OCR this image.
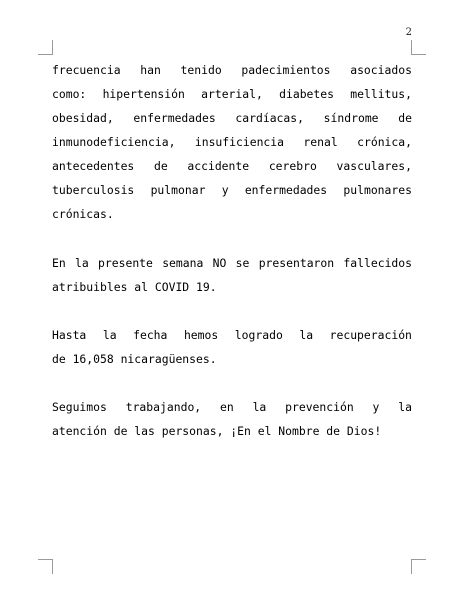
2
frecuencia han tenido padecimientos asociados
como: hipertensión arterial, diabetes mellitus,
obesidad, enfermedades cardíacas, síndrome de
inmunodeficiencia, insuficiencia renal crónica,
antecedentes de accidente cerebro vasculares,
tuberculosis pulmonar y enfermedades pulmonares
crónicas.
En la presente semana NO se presentaron fallecidos
atribuibles al COVID 19.
Hasta la fecha hemos logrado la recuperación
de 16,058 nicaragüenses.
Seguimos trabajando, en la prevención y la
atención de las personas, ¡En el Nombre de Dios!
